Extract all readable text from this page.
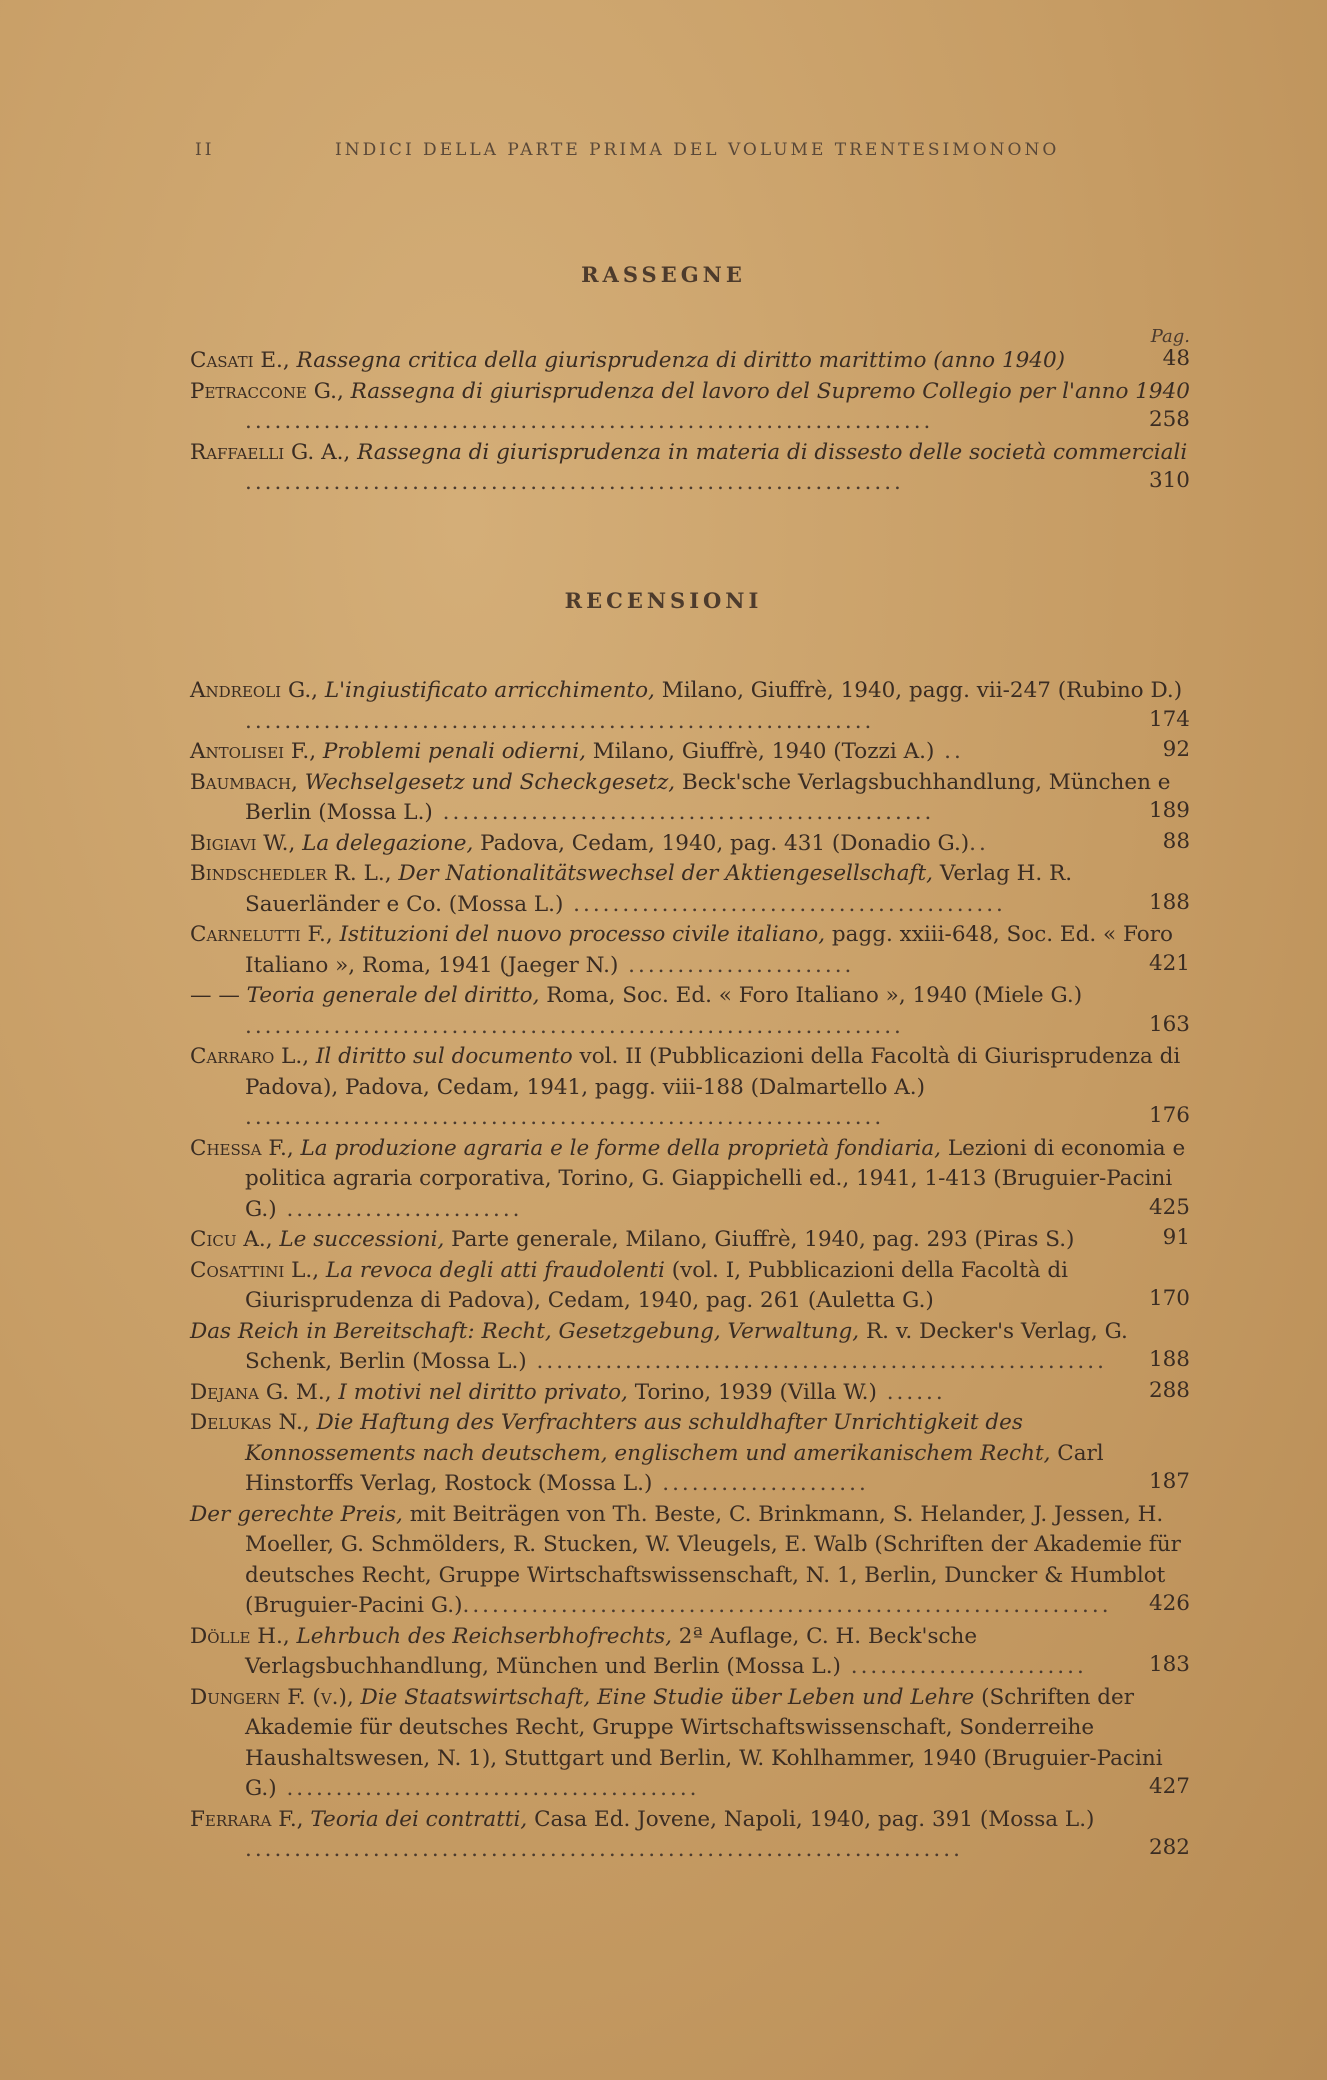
II	INDICI DELLA PARTE PRIMA DEL VOLUME TRENTESIMONONO
RASSEGNE
Pag.
Casati E., Rassegna critica della giurisprudenza di diritto marittimo (anno 1940)	48
Petraccone G., Rassegna di giurisprudenza del lavoro del Supremo Collegio per l'anno 1940 ......................................................................	258
Raffaelli G. A., Rassegna di giurisprudenza in materia di dissesto delle società commerciali ...................................................................	310
RECENSIONI
Andreoli G., L'ingiustificato arricchimento, Milano, Giuffrè, 1940, pagg. vii-247 (Rubino D.) ................................................................	174
Antolisei F., Problemi penali odierni, Milano, Giuffrè, 1940 (Tozzi A.) ..	92
Baumbach, Wechselgesetz und Scheckgesetz, Beck'sche Verlagsbuchhandlung, München e Berlin (Mossa L.) ..................................................	189
Bigiavi W., La delegazione, Padova, Cedam, 1940, pag. 431 (Donadio G.)..	88
Bindschedler R. L., Der Nationalitätswechsel der Aktiengesellschaft, Verlag H. R. Sauerländer e Co. (Mossa L.) ............................................	188
Carnelutti F., Istituzioni del nuovo processo civile italiano, pagg. xxiii-648, Soc. Ed. « Foro Italiano », Roma, 1941 (Jaeger N.) .......................	421
— — Teoria generale del diritto, Roma, Soc. Ed. « Foro Italiano », 1940 (Miele G.) ...................................................................	163
Carraro L., Il diritto sul documento vol. II (Pubblicazioni della Facoltà di Giurisprudenza di Padova), Padova, Cedam, 1941, pagg. viii-188 (Dalmartello A.) .................................................................	176
Chessa F., La produzione agraria e le forme della proprietà fondiaria, Lezioni di economia e politica agraria corporativa, Torino, G. Giappichelli ed., 1941, 1-413 (Bruguier-Pacini G.) ........................	425
Cicu A., Le successioni, Parte generale, Milano, Giuffrè, 1940, pag. 293 (Piras S.)	91
Cosattini L., La revoca degli atti fraudolenti (vol. I, Pubblicazioni della Facoltà di Giurisprudenza di Padova), Cedam, 1940, pag. 261 (Auletta G.)	170
Das Reich in Bereitschaft: Recht, Gesetzgebung, Verwaltung, R. v. Decker's Verlag, G. Schenk, Berlin (Mossa L.) ..........................................................	188
Dejana G. M., I motivi nel diritto privato, Torino, 1939 (Villa W.) ......	288
Delukas N., Die Haftung des Verfrachters aus schuldhafter Unrichtigkeit des Konnossements nach deutschem, englischem und amerikanischem Recht, Carl Hinstorffs Verlag, Rostock (Mossa L.) .....................	187
Der gerechte Preis, mit Beiträgen von Th. Beste, C. Brinkmann, S. Helander, J. Jessen, H. Moeller, G. Schmölders, R. Stucken, W. Vleugels, E. Walb (Schriften der Akademie für deutsches Recht, Gruppe Wirtschaftswissenschaft, N. 1, Berlin, Duncker & Humblot (Bruguier-Pacini G.)..................................................................	426
Dölle H., Lehrbuch des Reichserbhofrechts, 2ª Auflage, C. H. Beck'sche Verlagsbuchhandlung, München und Berlin (Mossa L.) ........................	183
Dungern F. (v.), Die Staatswirtschaft, Eine Studie über Leben und Lehre (Schriften der Akademie für deutsches Recht, Gruppe Wirtschaftswissenschaft, Sonderreihe Haushaltswesen, N. 1), Stuttgart und Berlin, W. Kohlhammer, 1940 (Bruguier-Pacini G.) ..........................................	427
Ferrara F., Teoria dei contratti, Casa Ed. Jovene, Napoli, 1940, pag. 391 (Mossa L.) .........................................................................	282
